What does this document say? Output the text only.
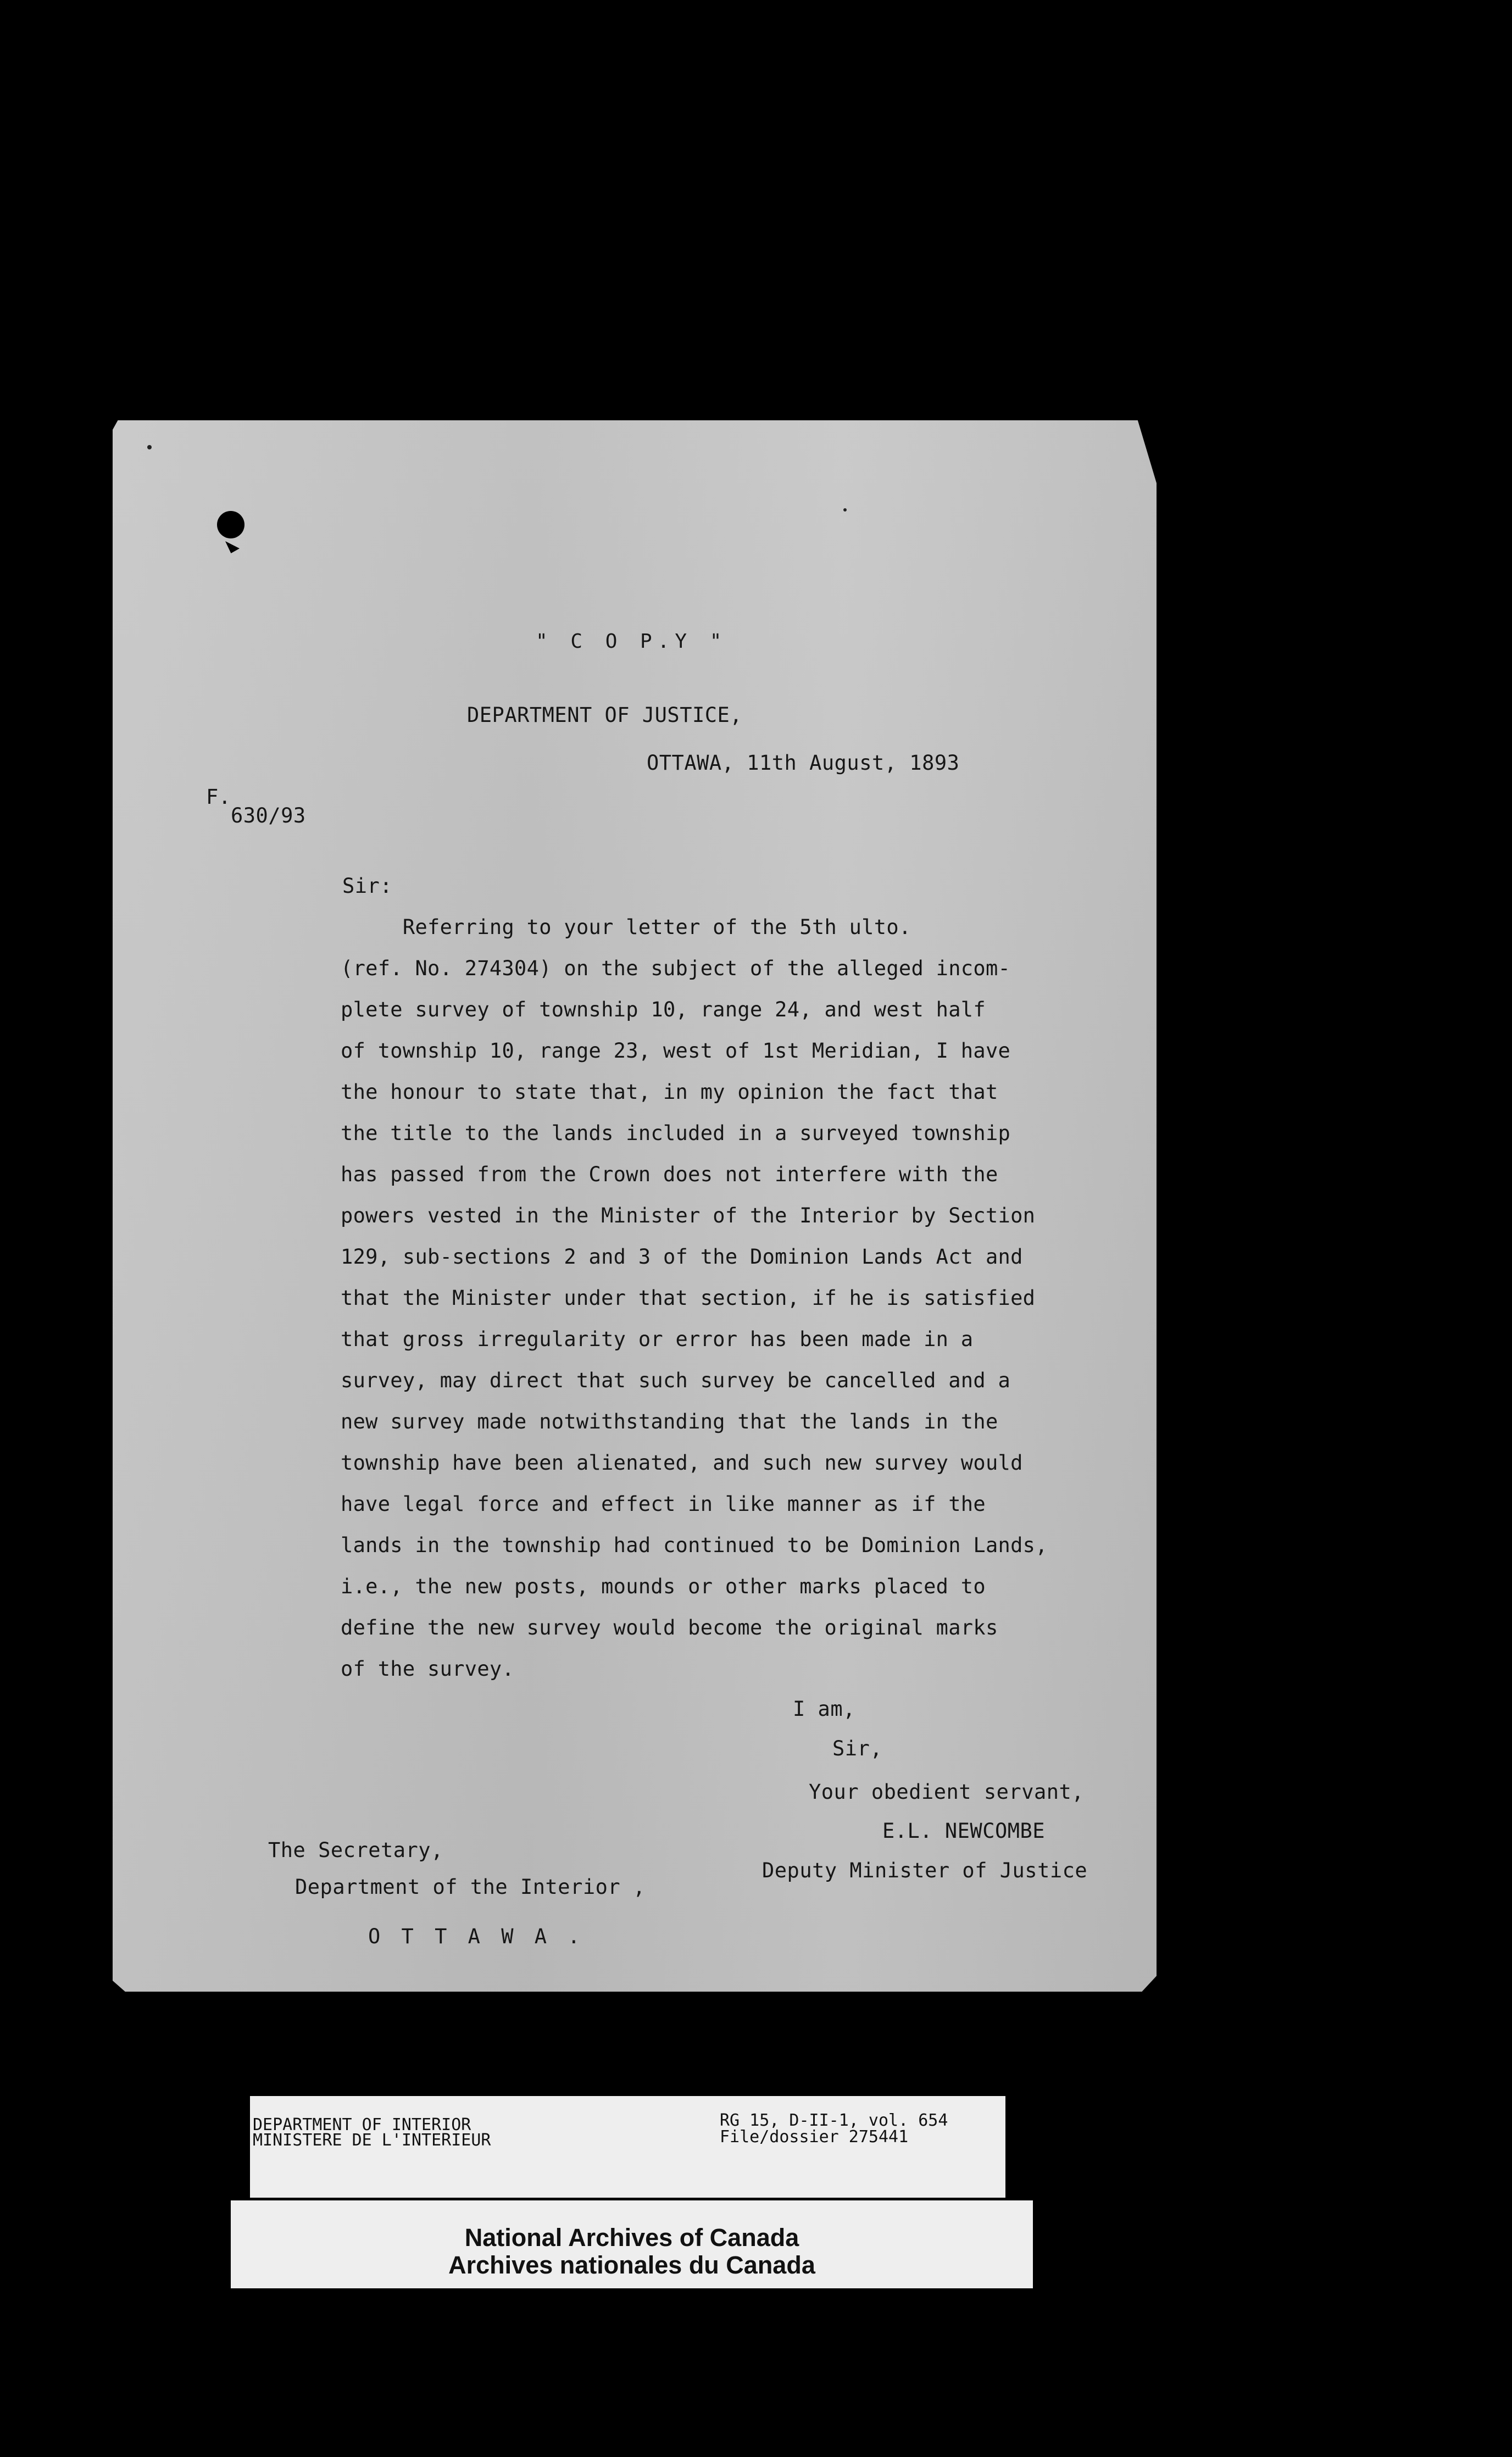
" C O P.Y "
DEPARTMENT OF JUSTICE,
OTTAWA, 11th August, 1893
F.
630/93
Sir:
Referring to your letter of the 5th ulto.
(ref. No. 274304) on the subject of the alleged incom-
plete survey of township 10, range 24, and west half
of township 10, range 23, west of 1st Meridian, I have
the honour to state that, in my opinion the fact that
the title to the lands included in a surveyed township
has passed from the Crown does not interfere with the
powers vested in the Minister of the Interior by Section
129, sub-sections 2 and 3 of the Dominion Lands Act and
that the Minister under that section, if he is satisfied
that gross irregularity or error has been made in a
survey, may direct that such survey be cancelled and a
new survey made notwithstanding that the lands in the
township have been alienated, and such new survey would
have legal force and effect in like manner as if the
lands in the township had continued to be Dominion Lands,
i.e., the new posts, mounds or other marks placed to
define the new survey would become the original marks
of the survey.
I am,
Sir,
Your obedient servant,
E.L. NEWCOMBE
Deputy Minister of Justice
The Secretary,
Department of the Interior ,
O T T A W A .
DEPARTMENT OF INTERIOR
MINISTERE DE L'INTERIEUR
RG 15, D-II-1, vol. 654
File/dossier 275441
National Archives of Canada
Archives nationales du Canada
